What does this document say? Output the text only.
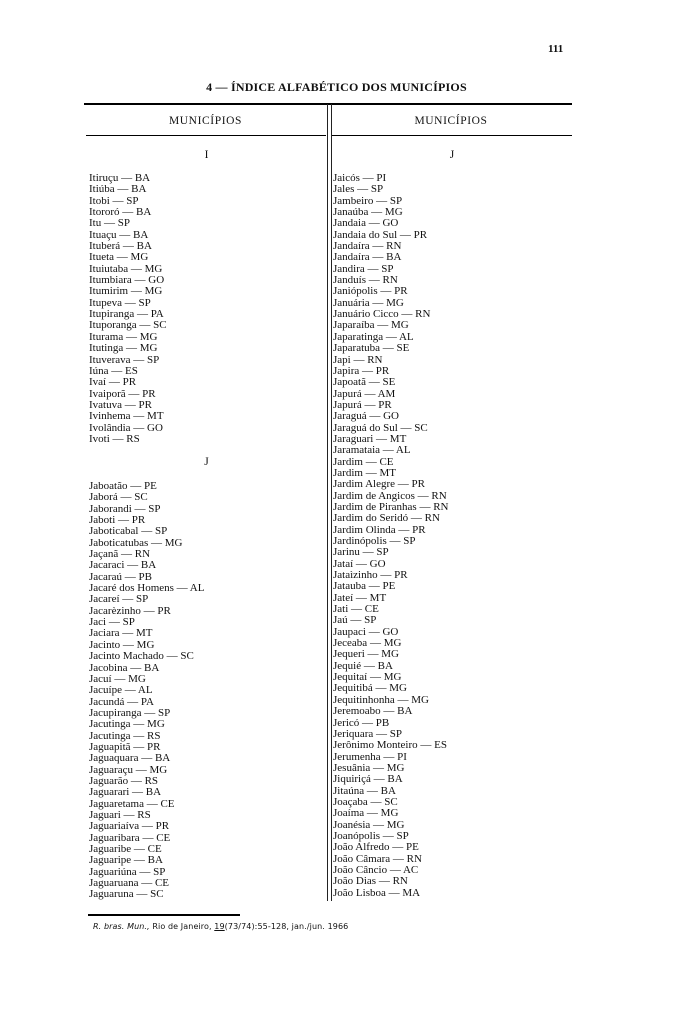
111
4 — ÍNDICE ALFABÉTICO DOS MUNICÍPIOS
MUNICÍPIOS	MUNICÍPIOS
I
Itiruçu — BA
Itiúba — BA
Itobi — SP
Itororó — BA
Itu — SP
Ituaçu — BA
Ituberá — BA
Itueta — MG
Ituiutaba — MG
Itumbiara — GO
Itumirim — MG
Itupeva — SP
Itupiranga — PA
Ituporanga — SC
Iturama — MG
Itutinga — MG
Ituverava — SP
Iúna — ES
Ivaí — PR
Ivaiporã — PR
Ivatuva — PR
Ivinhema — MT
Ivolândia — GO
Ivoti — RS
J
Jaboatão — PE
Jaborá — SC
Jaborandi — SP
Jaboti — PR
Jaboticabal — SP
Jaboticatubas — MG
Jaçanã — RN
Jacaraci — BA
Jacaraú — PB
Jacaré dos Homens — AL
Jacareí — SP
Jacarèzinho — PR
Jaci — SP
Jaciara — MT
Jacinto — MG
Jacinto Machado — SC
Jacobina — BA
Jacuí — MG
Jacuípe — AL
Jacundá — PA
Jacupiranga — SP
Jacutinga — MG
Jacutinga — RS
Jaguapitã — PR
Jaguaquara — BA
Jaguaraçu — MG
Jaguarão — RS
Jaguarari — BA
Jaguaretama — CE
Jaguari — RS
Jaguariaíva — PR
Jaguaribara — CE
Jaguaribe — CE
Jaguaripe — BA
Jaguariúna — SP
Jaguaruana — CE
Jaguaruna — SC
J
Jaicós — PI
Jales — SP
Jambeiro — SP
Janaúba — MG
Jandaia — GO
Jandaia do Sul — PR
Jandaíra — RN
Jandaíra — BA
Jandira — SP
Janduís — RN
Janiópolis — PR
Januária — MG
Januário Cicco — RN
Japaraíba — MG
Japaratinga — AL
Japaratuba — SE
Japi — RN
Japira — PR
Japoatã — SE
Japurá — AM
Japurá — PR
Jaraguá — GO
Jaraguá do Sul — SC
Jaraguari — MT
Jaramataia — AL
Jardim — CE
Jardim — MT
Jardim Alegre — PR
Jardim de Angicos — RN
Jardim de Piranhas — RN
Jardim do Seridó — RN
Jardim Olinda — PR
Jardinópolis — SP
Jarinu — SP
Jataí — GO
Jataìzinho — PR
Jatauba — PE
Jateí — MT
Jati — CE
Jaú — SP
Jaupaci — GO
Jeceaba — MG
Jequeri — MG
Jequié — BA
Jequitaí — MG
Jequitibá — MG
Jequitinhonha — MG
Jeremoabo — BA
Jericó — PB
Jeriquara — SP
Jerônimo Monteiro — ES
Jerumenha — PI
Jesuânia — MG
Jiquiriçá — BA
Jitaúna — BA
Joaçaba — SC
Joaíma — MG
Joanésia — MG
Joanópolis — SP
João Alfredo — PE
João Câmara — RN
João Câncio — AC
João Dias — RN
João Lisboa — MA
R. bras. Mun., Rio de Janeiro, 19(73/74):55-128, jan./jun. 1966
